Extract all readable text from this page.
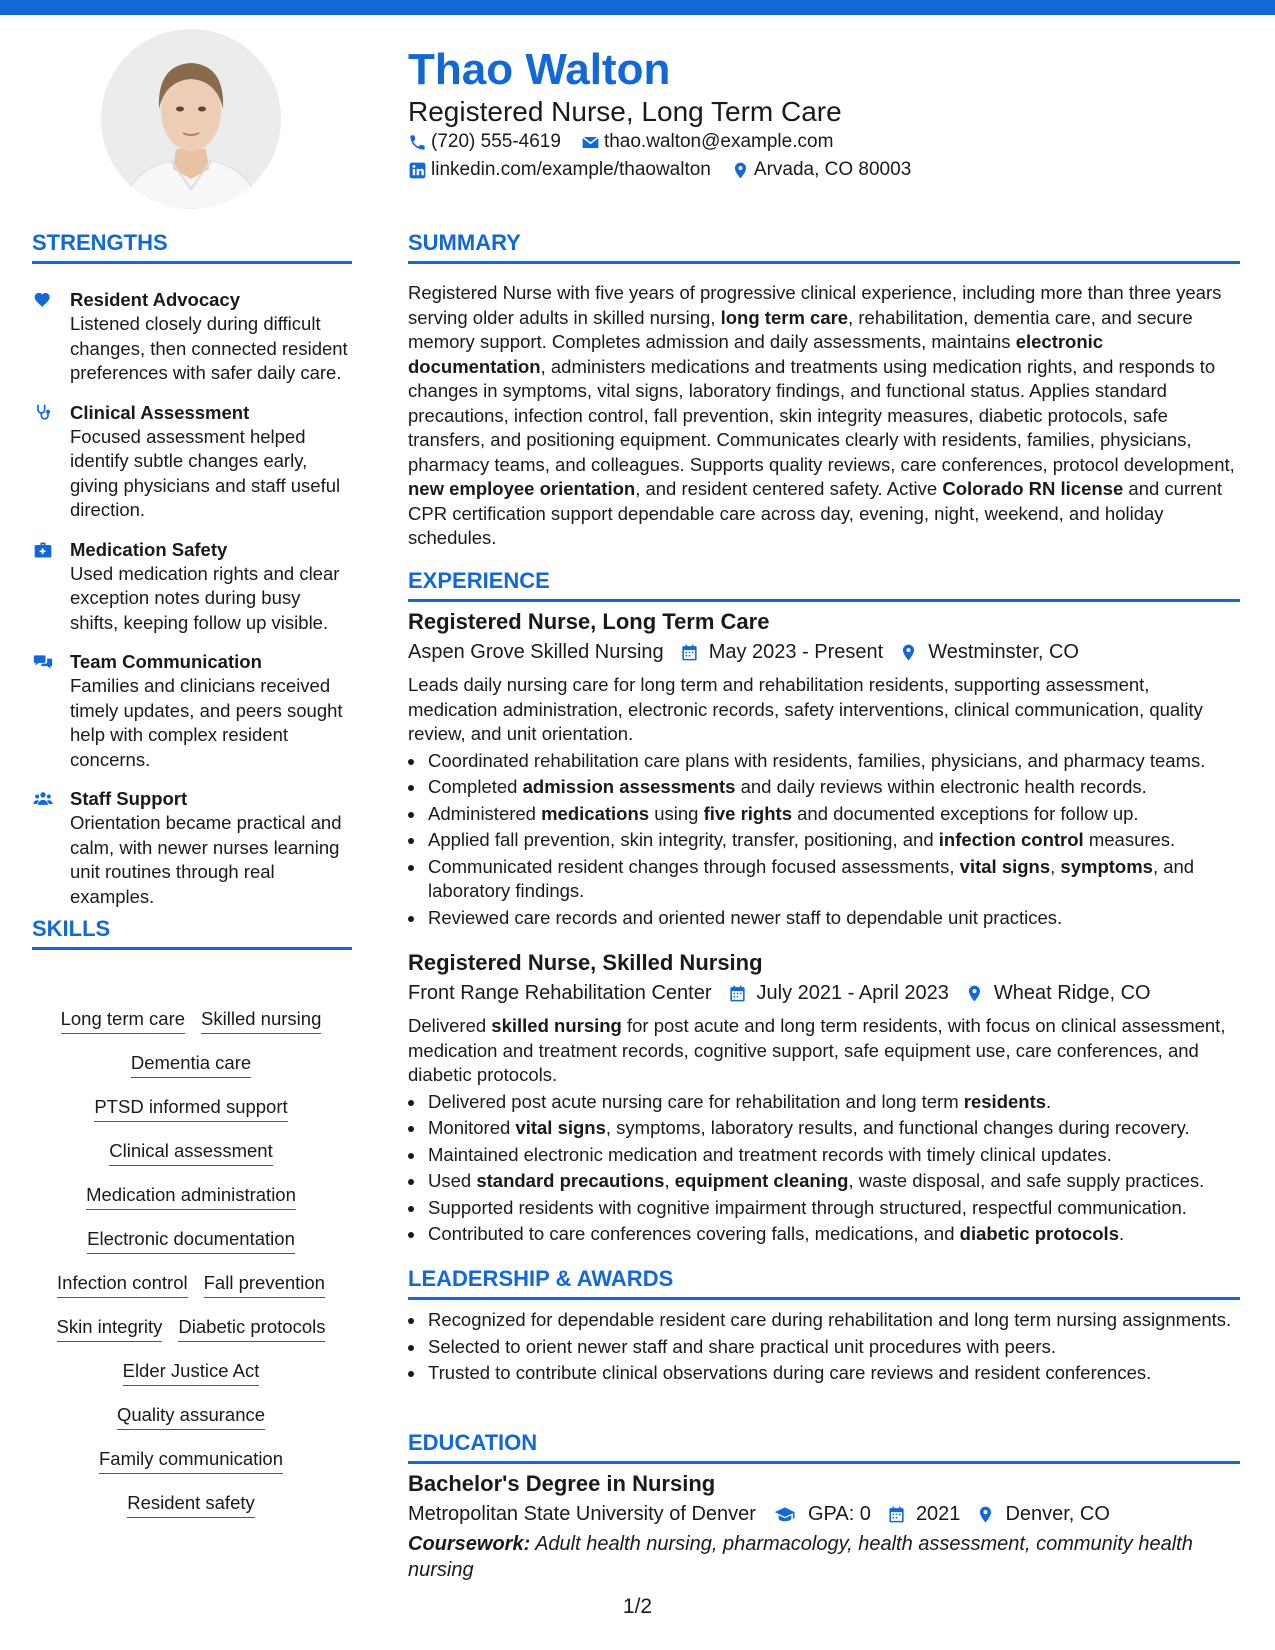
Thao Walton

Registered Nurse, Long Term Care

(720) 555-4619 thao.walton@example.com
linkedin.com/example/thaowalton Arvada, CO 80003
STRENGTHS
Resident Advocacy
Listened closely during difficult changes, then connected resident preferences with safer daily care.
Clinical Assessment
Focused assessment helped identify subtle changes early, giving physicians and staff useful direction.
Medication Safety
Used medication rights and clear exception notes during busy shifts, keeping follow up visible.
Team Communication
Families and clinicians received timely updates, and peers sought help with complex resident concerns.
Staff Support
Orientation became practical and calm, with newer nurses learning unit routines through real examples.
SKILLS
Long term care Skilled nursing
Dementia care
PTSD informed support
Clinical assessment
Medication administration
Electronic documentation
Infection control Fall prevention
Skin integrity Diabetic protocols
Elder Justice Act
Quality assurance
Family communication
Resident safety
SUMMARY

Registered Nurse with five years of progressive clinical experience, including more than three years serving older adults in skilled nursing, long term care, rehabilitation, dementia care, and secure memory support. Completes admission and daily assessments, maintains electronic documentation, administers medications and treatments using medication rights, and responds to changes in symptoms, vital signs, laboratory findings, and functional status. Applies standard precautions, infection control, fall prevention, skin integrity measures, diabetic protocols, safe transfers, and positioning equipment. Communicates clearly with residents, families, physicians, pharmacy teams, and colleagues. Supports quality reviews, care conferences, protocol development, new employee orientation, and resident centered safety. Active Colorado RN license and current CPR certification support dependable care across day, evening, night, weekend, and holiday schedules.

EXPERIENCE
Registered Nurse, Long Term Care
Aspen Grove Skilled Nursing May 2023 - Present Westminster, CO

Leads daily nursing care for long term and rehabilitation residents, supporting assessment, medication administration, electronic records, safety interventions, clinical communication, quality review, and unit orientation.

• Coordinated rehabilitation care plans with residents, families, physicians, and pharmacy teams.
• Completed admission assessments and daily reviews within electronic health records.
• Administered medications using five rights and documented exceptions for follow up.
• Applied fall prevention, skin integrity, transfer, positioning, and infection control measures.
• Communicated resident changes through focused assessments, vital signs, symptoms, and laboratory findings.
• Reviewed care records and oriented newer staff to dependable unit practices.
Registered Nurse, Skilled Nursing
Front Range Rehabilitation Center July 2021 - April 2023 Wheat Ridge, CO

Delivered skilled nursing for post acute and long term residents, with focus on clinical assessment, medication and treatment records, cognitive support, safe equipment use, care conferences, and diabetic protocols.

• Delivered post acute nursing care for rehabilitation and long term residents.
• Monitored vital signs, symptoms, laboratory results, and functional changes during recovery.
• Maintained electronic medication and treatment records with timely clinical updates.
• Used standard precautions, equipment cleaning, waste disposal, and safe supply practices.
• Supported residents with cognitive impairment through structured, respectful communication.
• Contributed to care conferences covering falls, medications, and diabetic protocols.
LEADERSHIP & AWARDS
• Recognized for dependable resident care during rehabilitation and long term nursing assignments.
• Selected to orient newer staff and share practical unit procedures with peers.
• Trusted to contribute clinical observations during care reviews and resident conferences.
EDUCATION
Bachelor's Degree in Nursing
Metropolitan State University of Denver	GPA: 0 2021 Denver, CO

Coursework: Adult health nursing, pharmacology, health assessment, community health nursing

1/2
